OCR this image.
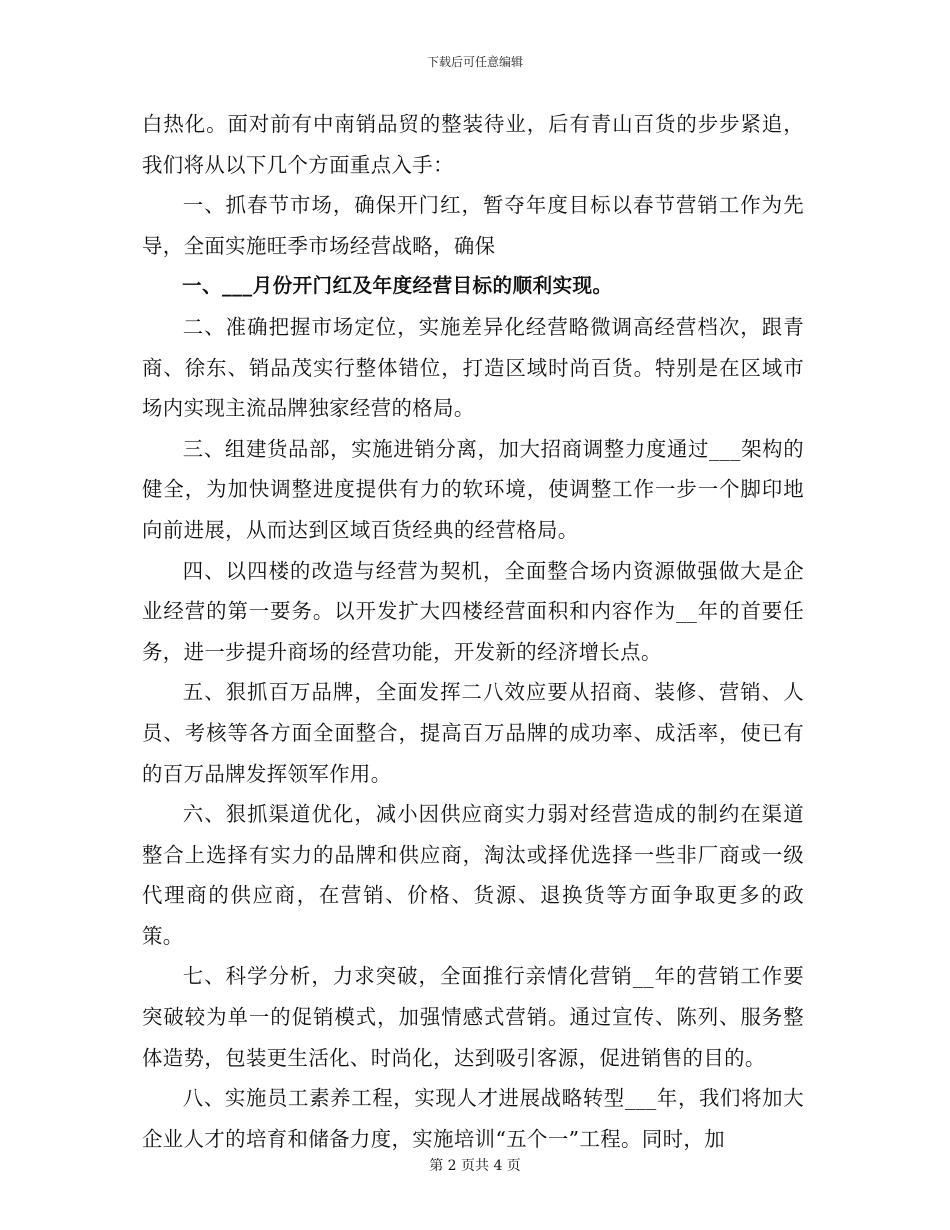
下载后可任意编辑

白热化。面对前有中南销品贸的整装待业，后有青山百货的步步紧追，我们将从以下几个方面重点入手：

一、抓春节市场，确保开门红，暂夺年度目标以春节营销工作为先导，全面实施旺季市场经营战略，确保

一、___月份开门红及年度经营目标的顺利实现。

二、准确把握市场定位，实施差异化经营略微调高经营档次，跟青商、徐东、销品茂实行整体错位，打造区域时尚百货。特别是在区域市场内实现主流品牌独家经营的格局。

三、组建货品部，实施进销分离，加大招商调整力度通过___架构的健全，为加快调整进度提供有力的软环境，使调整工作一步一个脚印地向前进展，从而达到区域百货经典的经营格局。

四、以四楼的改造与经营为契机，全面整合场内资源做强做大是企业经营的第一要务。以开发扩大四楼经营面积和内容作为__年的首要任务，进一步提升商场的经营功能，开发新的经济增长点。

五、狠抓百万品牌，全面发挥二八效应要从招商、装修、营销、人员、考核等各方面全面整合，提高百万品牌的成功率、成活率，使已有的百万品牌发挥领军作用。

六、狠抓渠道优化，减小因供应商实力弱对经营造成的制约在渠道整合上选择有实力的品牌和供应商，淘汰或择优选择一些非厂商或一级代理商的供应商，在营销、价格、货源、退换货等方面争取更多的政策。

七、科学分析，力求突破，全面推行亲情化营销__年的营销工作要突破较为单一的促销模式，加强情感式营销。通过宣传、陈列、服务整体造势，包装更生活化、时尚化，达到吸引客源，促进销售的目的。

八、实施员工素养工程，实现人才进展战略转型___年，我们将加大企业人才的培育和储备力度，实施培训“五个一”工程。同时，加

第 2 页共 4 页
